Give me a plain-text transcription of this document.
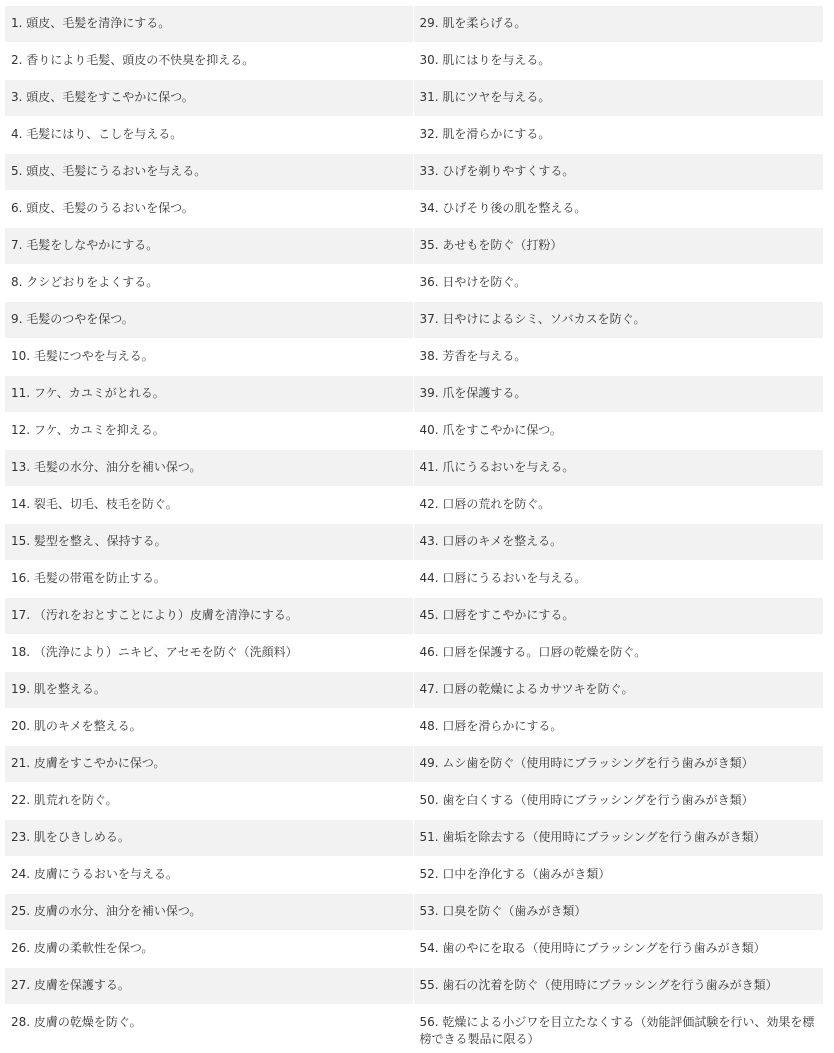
1. 頭皮、毛髪を清浄にする。	29. 肌を柔らげる。
2. 香りにより毛髪、頭皮の不快臭を抑える。	30. 肌にはりを与える。
3. 頭皮、毛髪をすこやかに保つ。	31. 肌にツヤを与える。
4. 毛髪にはり、こしを与える。	32. 肌を滑らかにする。
5. 頭皮、毛髪にうるおいを与える。	33. ひげを剃りやすくする。
6. 頭皮、毛髪のうるおいを保つ。	34. ひげそり後の肌を整える。
7. 毛髪をしなやかにする。	35. あせもを防ぐ（打粉）
8. クシどおりをよくする。	36. 日やけを防ぐ。
9. 毛髪のつやを保つ。	37. 日やけによるシミ、ソバカスを防ぐ。
10. 毛髪につやを与える。	38. 芳香を与える。
11. フケ、カユミがとれる。	39. 爪を保護する。
12. フケ、カユミを抑える。	40. 爪をすこやかに保つ。
13. 毛髪の水分、油分を補い保つ。	41. 爪にうるおいを与える。
14. 裂毛、切毛、枝毛を防ぐ。	42. 口唇の荒れを防ぐ。
15. 髪型を整え、保持する。	43. 口唇のキメを整える。
16. 毛髪の帯電を防止する。	44. 口唇にうるおいを与える。
17. （汚れをおとすことにより）皮膚を清浄にする。	45. 口唇をすこやかにする。
18. （洗浄により）ニキビ、アセモを防ぐ（洗顔料）	46. 口唇を保護する。口唇の乾燥を防ぐ。
19. 肌を整える。	47. 口唇の乾燥によるカサツキを防ぐ。
20. 肌のキメを整える。	48. 口唇を滑らかにする。
21. 皮膚をすこやかに保つ。	49. ムシ歯を防ぐ（使用時にブラッシングを行う歯みがき類）
22. 肌荒れを防ぐ。	50. 歯を白くする（使用時にブラッシングを行う歯みがき類）
23. 肌をひきしめる。	51. 歯垢を除去する（使用時にブラッシングを行う歯みがき類）
24. 皮膚にうるおいを与える。	52. 口中を浄化する（歯みがき類）
25. 皮膚の水分、油分を補い保つ。	53. 口臭を防ぐ（歯みがき類）
26. 皮膚の柔軟性を保つ。	54. 歯のやにを取る（使用時にブラッシングを行う歯みがき類）
27. 皮膚を保護する。	55. 歯石の沈着を防ぐ（使用時にブラッシングを行う歯みがき類）
28. 皮膚の乾燥を防ぐ。	56. 乾燥による小ジワを目立たなくする（効能評価試験を行い、効果を標榜できる製品に限る）
